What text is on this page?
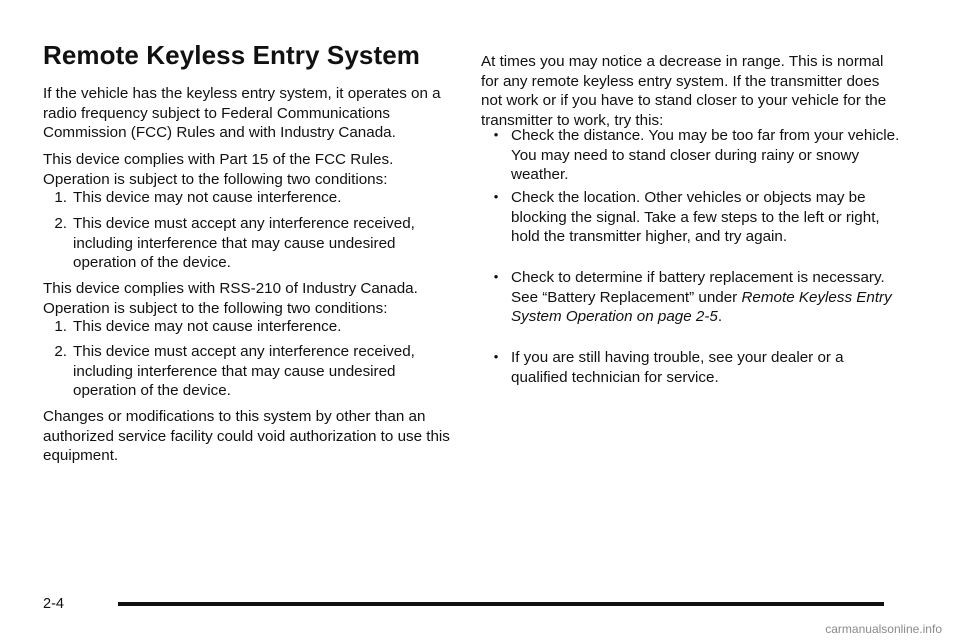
Remote Keyless Entry System

If the vehicle has the keyless entry system, it operates on a radio frequency subject to Federal Communications Commission (FCC) Rules and with Industry Canada.

This device complies with Part 15 of the FCC Rules. Operation is subject to the following two conditions:

1. This device may not cause interference.
2. This device must accept any interference received, including interference that may cause undesired operation of the device.

This device complies with RSS-210 of Industry Canada. Operation is subject to the following two conditions:

1. This device may not cause interference.
2. This device must accept any interference received, including interference that may cause undesired operation of the device.

Changes or modifications to this system by other than an authorized service facility could void authorization to use this equipment.

At times you may notice a decrease in range. This is normal for any remote keyless entry system. If the transmitter does not work or if you have to stand closer to your vehicle for the transmitter to work, try this:

• Check the distance. You may be too far from your vehicle. You may need to stand closer during rainy or snowy weather.
• Check the location. Other vehicles or objects may be blocking the signal. Take a few steps to the left or right, hold the transmitter higher, and try again.
• Check to determine if battery replacement is necessary. See “Battery Replacement” under Remote Keyless Entry System Operation on page 2-5.
• If you are still having trouble, see your dealer or a qualified technician for service.
2-4
carmanualsonline.info
